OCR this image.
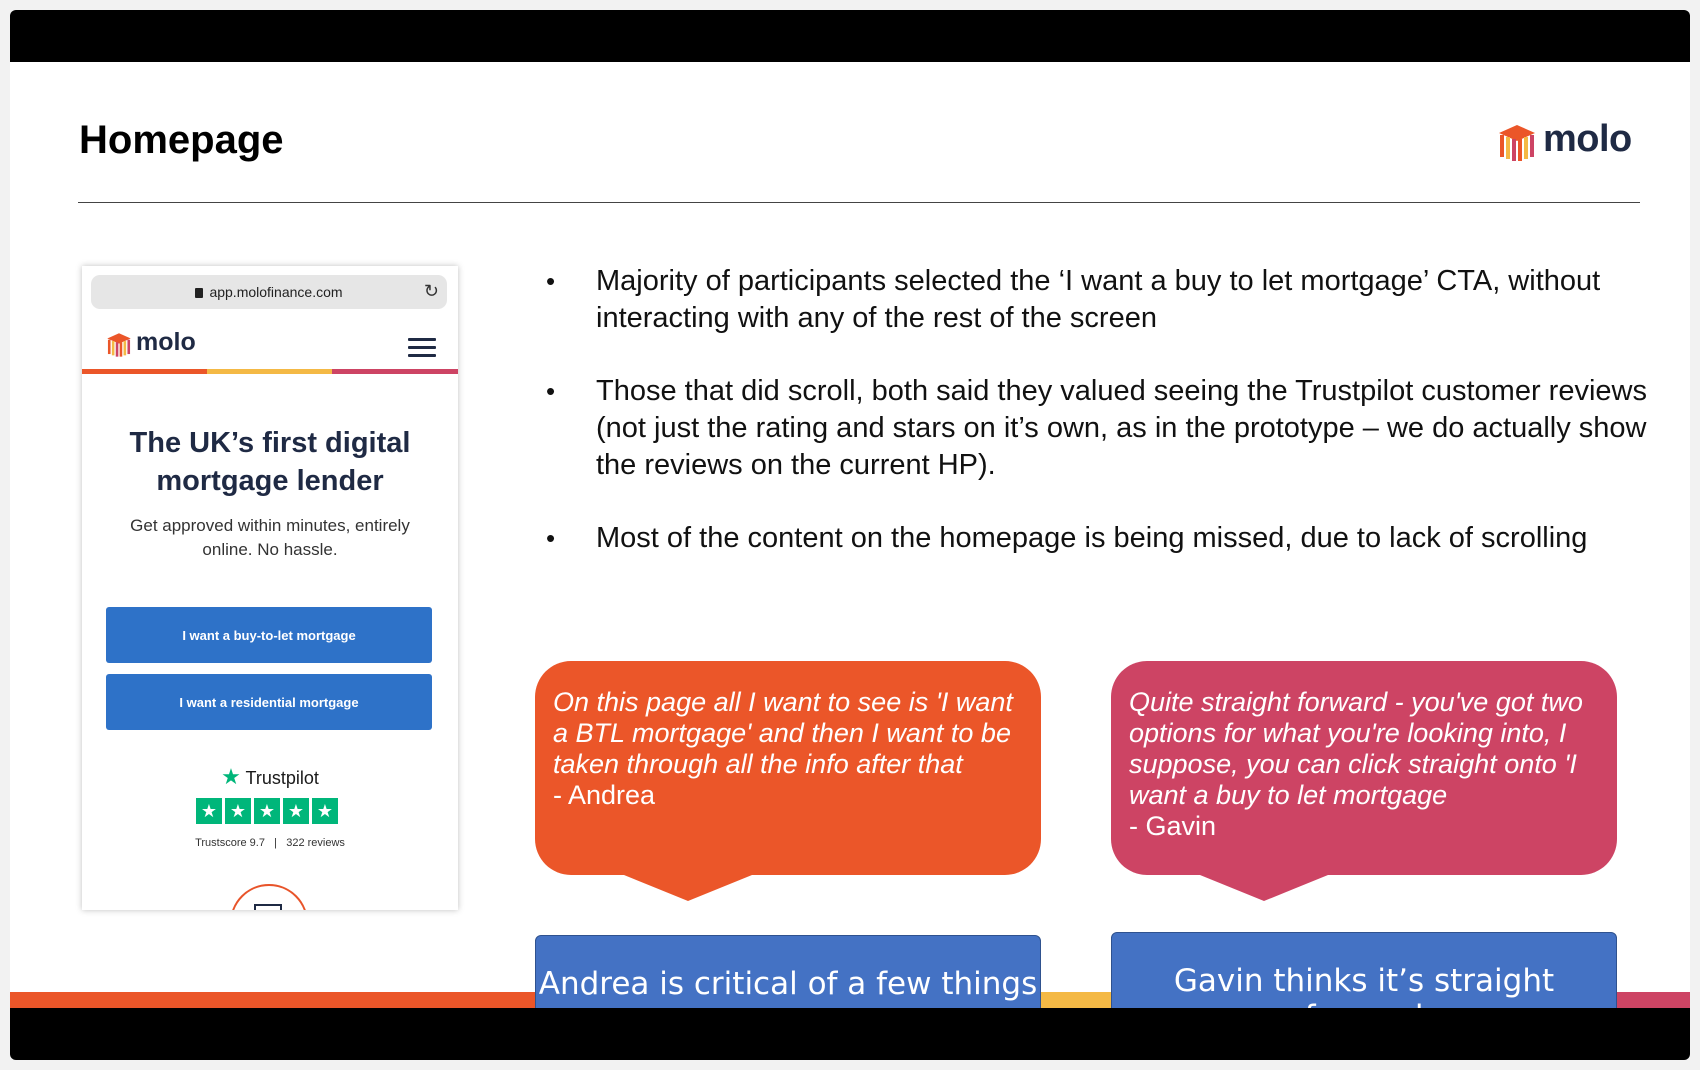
Homepage	molo
app.molofinance.com	↻
molo
The UK’s first digital mortgage lender
Get approved within minutes, entirely online. No hassle.
I want a buy-to-let mortgage
I want a residential mortgage
★ Trustpilot
★ ★ ★ ★ ★
Trustscore 9.7   |   322 reviews
• Majority of participants selected the ‘I want a buy to let mortgage’ CTA, without interacting with any of the rest of the screen
• Those that did scroll, both said they valued seeing the Trustpilot customer reviews (not just the rating and stars on it’s own, as in the prototype – we do actually show the reviews on the current HP).
• Most of the content on the homepage is being missed, due to lack of scrolling
On this page all I want to see is 'I want a BTL mortgage' and then I want to be taken through all the info after that
- Andrea
Quite straight forward - you've got two options for what you're looking into, I suppose, you can click straight onto 'I want a buy to let mortgage
- Gavin
Andrea is critical of a few things	Gavin thinks it’s straight
